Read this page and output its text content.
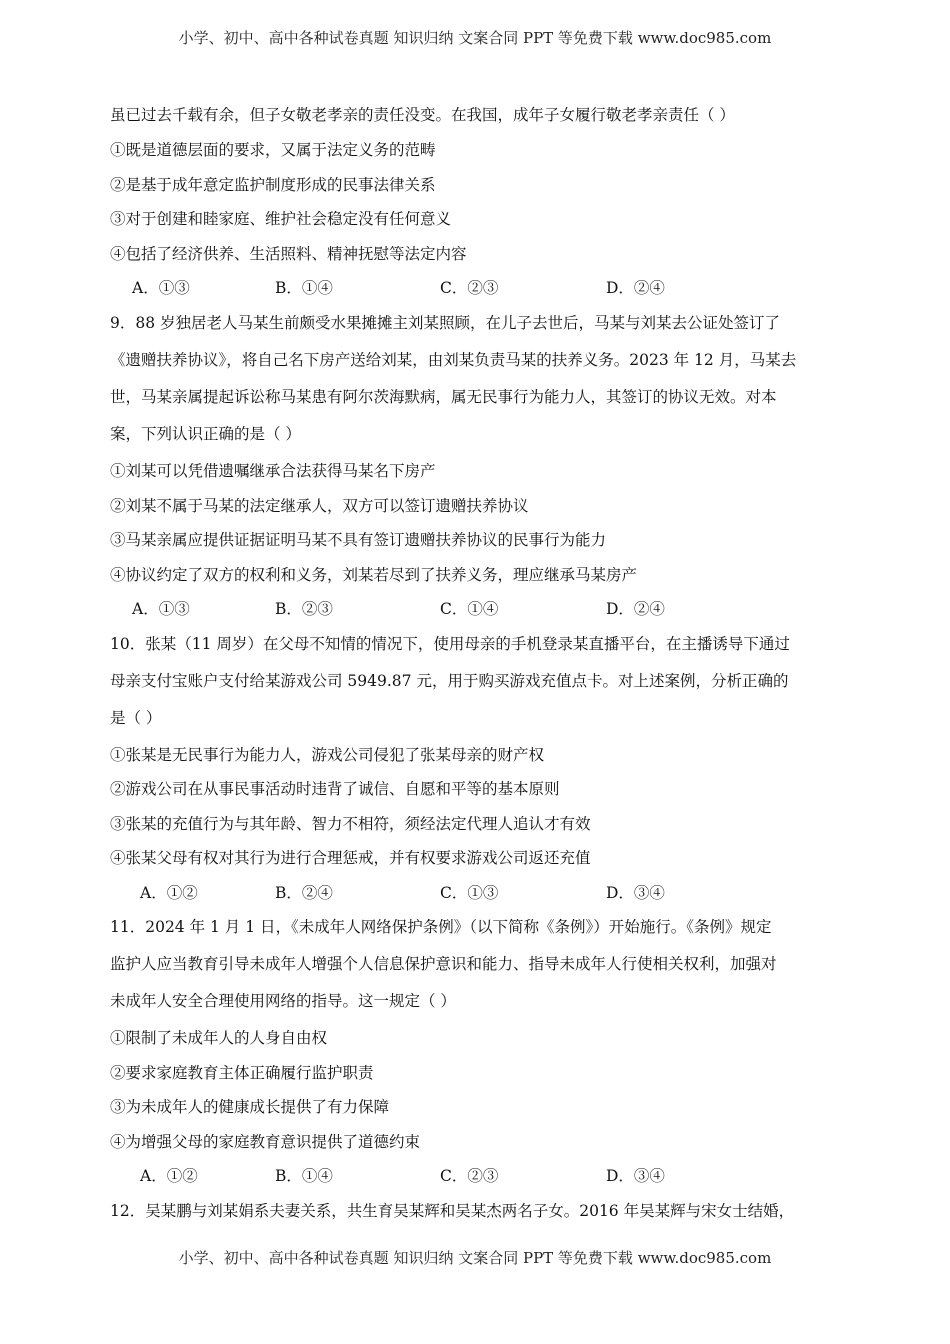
小学、初中、高中各种试卷真题 知识归纳 文案合同 PPT 等免费下载 www.doc985.com
虽已过去千载有余，但子女敬老孝亲的责任没变。在我国，成年子女履行敬老孝亲责任（ ）
①既是道德层面的要求，又属于法定义务的范畴
②是基于成年意定监护制度形成的民事法律关系
③对于创建和睦家庭、维护社会稳定没有任何意义
④包括了经济供养、生活照料、精神抚慰等法定内容
A．①③	B．①④	C．②③	D．②④
9．88 岁独居老人马某生前颇受水果摊摊主刘某照顾，在儿子去世后，马某与刘某去公证处签订了
《遗赠扶养协议》，将自己名下房产送给刘某，由刘某负责马某的扶养义务。2023 年 12 月，马某去
世，马某亲属提起诉讼称马某患有阿尔茨海默病，属无民事行为能力人，其签订的协议无效。对本
案，下列认识正确的是（ ）
①刘某可以凭借遗嘱继承合法获得马某名下房产
②刘某不属于马某的法定继承人，双方可以签订遗赠扶养协议
③马某亲属应提供证据证明马某不具有签订遗赠扶养协议的民事行为能力
④协议约定了双方的权利和义务，刘某若尽到了扶养义务，理应继承马某房产
A．①③	B．②③	C．①④	D．②④
10．张某（11 周岁）在父母不知情的情况下，使用母亲的手机登录某直播平台，在主播诱导下通过
母亲支付宝账户支付给某游戏公司 5949.87 元，用于购买游戏充值点卡。对上述案例，分析正确的
是（ ）
①张某是无民事行为能力人，游戏公司侵犯了张某母亲的财产权
②游戏公司在从事民事活动时违背了诚信、自愿和平等的基本原则
③张某的充值行为与其年龄、智力不相符，须经法定代理人追认才有效
④张某父母有权对其行为进行合理惩戒，并有权要求游戏公司返还充值
A．①②	B．②④	C．①③	D．③④
11．2024 年 1 月 1 日，《未成年人网络保护条例》（以下简称《条例》）开始施行。《条例》规定
监护人应当教育引导未成年人增强个人信息保护意识和能力、指导未成年人行使相关权利，加强对
未成年人安全合理使用网络的指导。这一规定（ ）
①限制了未成年人的人身自由权
②要求家庭教育主体正确履行监护职责
③为未成年人的健康成长提供了有力保障
④为增强父母的家庭教育意识提供了道德约束
A．①②	B．①④	C．②③	D．③④
12．吴某鹏与刘某娟系夫妻关系，共生育吴某辉和吴某杰两名子女。2016 年吴某辉与宋女士结婚，
小学、初中、高中各种试卷真题 知识归纳 文案合同 PPT 等免费下载 www.doc985.com
